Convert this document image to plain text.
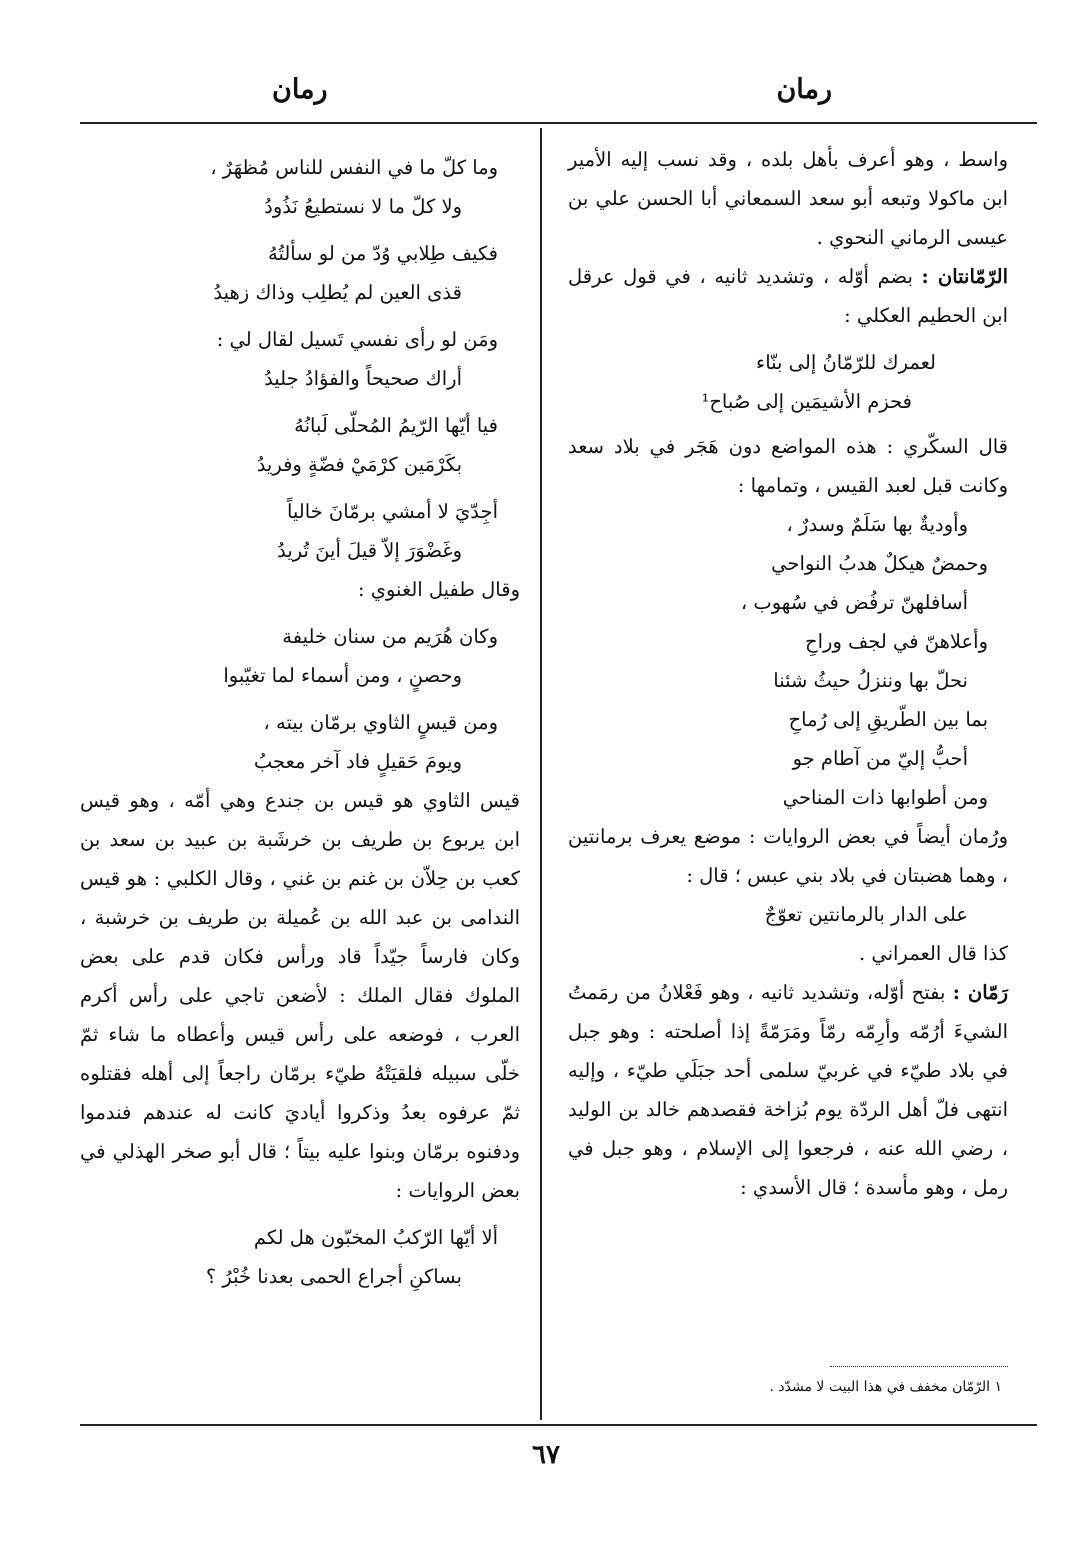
رمان
رمان

واسط ، وهو أعرف بأهل بلده ، وقد نسب إليه الأمير ابن ماكولا وتبعه أبو سعد السمعاني أبا الحسن علي بن عيسى الرماني النحوي .

الرّمّانتان : بضم أوّله ، وتشديد ثانيه ، في قول عرقل ابن الحطيم العكلي :

لعمرك للرّمّانُ إلى بنّاء
فحزم الأشيمَين إلى صُباح¹

قال السكّري : هذه المواضع دون هَجَر في بلاد سعد وكانت قبل لعبد القيس ، وتمامها :

وأوديةٌ بها سَلَمٌ وسدرٌ ،
وحمضٌ هيكلٌ هدبُ النواحي
أسافلهنّ ترفُض في سُهوب ،
وأعلاهنّ في لجف وراحِ
نحلّ بها وننزلُ حيثُ شئنا
بما بين الطّريقِ إلى رُماحِ
أحبُّ إليّ من آطام جو
ومن أطوابها ذات المناحي

ورُمان أيضاً في بعض الروايات : موضع يعرف برمانتين ، وهما هضبتان في بلاد بني عبس ؛ قال :

على الدار بالرمانتين تعوّجٌ

كذا قال العمراني .

رَمّان : بفتح أوّله، وتشديد ثانيه ، وهو فَعْلانُ من رمَمتُ الشيءَ أرُمّه وأرِمّه رمّاً ومَرَمّةً إذا أصلحته : وهو جبل في بلاد طيّء في غربيّ سلمى أحد جبَلَي طيّء ، وإليه انتهى فلّ أهل الردّة يوم بُزاخة فقصدهم خالد بن الوليد ، رضي الله عنه ، فرجعوا إلى الإسلام ، وهو جبل في رمل ، وهو مأسدة ؛ قال الأسدي :

وما كلّ ما في النفس للناس مُظهَرٌ ،
ولا كلّ ما لا نستطيعُ نَذُودُ
فكيف طِلابي وُدّ من لو سألتُهُ
قذى العين لم يُطلِب وذاك زهيدُ
ومَن لو رأى نفسي تَسيل لقال لي :
أراك صحيحاً والفؤادُ جليدُ
فيا أيّها الرّيمُ المُحلّى لَبانُهُ
بكَرْمَين كرْمَيْ فضّةٍ وفريدُ
أجِدّيَ لا أمشي برمّانَ خالياً
وغَضْوَرَ إلاّ قيلَ أينَ تُريدُ

وقال طفيل الغنوي :

وكان هُرَيم من سنان خليفة
وحصنٍ ، ومن أسماء لما تغيّبوا
ومن قيسٍ الثاوي برمّان بيته ،
ويومَ حَقيلٍ فاد آخر معجبُ

قيس الثاوي هو قيس بن جندع وهي أمّه ، وهو قيس ابن يربوع بن طريف بن خرشَبة بن عبيد بن سعد بن كعب بن حِلاّن بن غنم بن غني ، وقال الكلبي : هو قيس الندامى بن عبد الله بن عُميلة بن طريف بن خرشبة ، وكان فارساً جيّداً قاد ورأس فكان قدم على بعض الملوك فقال الملك : لأضعن تاجي على رأس أكرم العرب ، فوضعه على رأس قيس وأعطاه ما شاء ثمّ خلّى سبيله فلقيَتْهُ طيّء برمّان راجعاً إلى أهله فقتلوه ثمّ عرفوه بعدُ وذكروا أياديَ كانت له عندهم فندموا ودفنوه برمّان وبنوا عليه بيتاً ؛ قال أبو صخر الهذلي في بعض الروايات :

ألا أيّها الرّكبُ المخبّون هل لكم
بساكنِ أجراع الحمى بعدنا خُبْرُ ؟
١ الرّمّان مخفف في هذا البيت لا مشدّد .
٦٧
